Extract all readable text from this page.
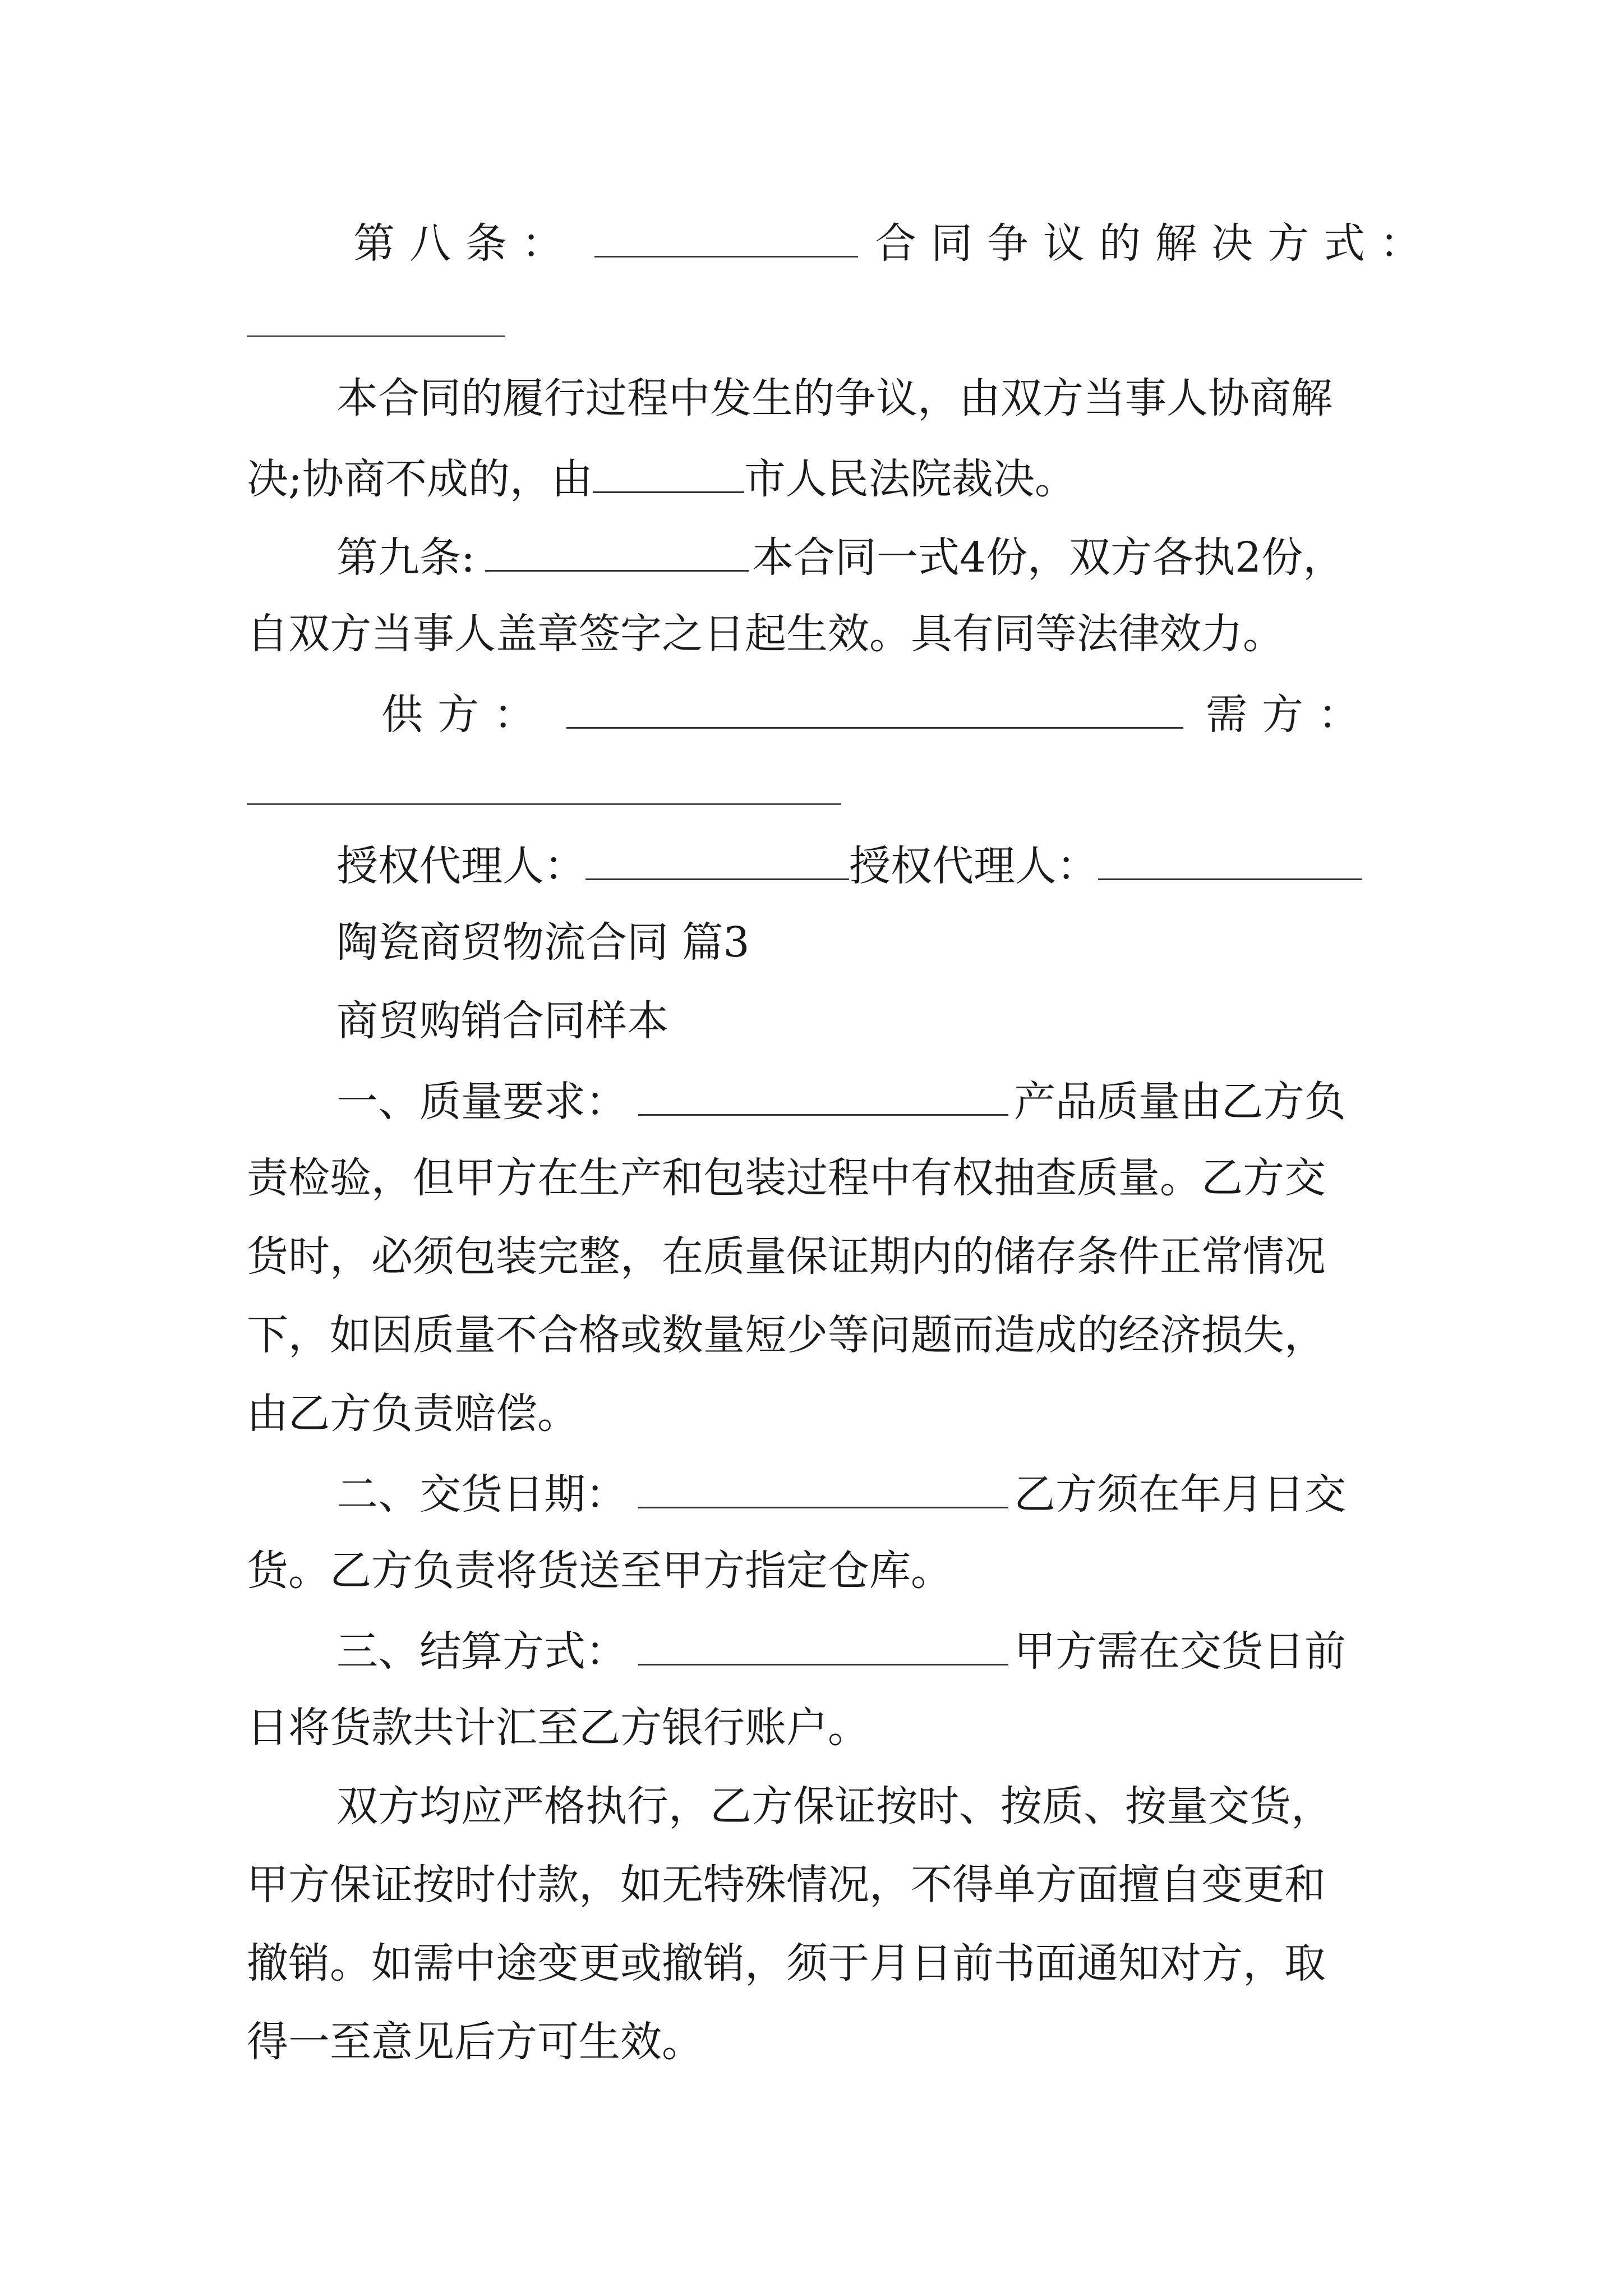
第八条：	合同争议的解决方式：
本合同的履行过程中发生的争议，由双方当事人协商解
决;协商不成的，由	市人民法院裁决。
第九条:	本合同一式4份，双方各执2份，
自双方当事人盖章签字之日起生效。具有同等法律效力。
供方：	需方：
授权代理人：	授权代理人：
陶瓷商贸物流合同 篇3
商贸购销合同样本
一、质量要求：	产品质量由乙方负
责检验，但甲方在生产和包装过程中有权抽查质量。乙方交
货时，必须包装完整，在质量保证期内的储存条件正常情况
下，如因质量不合格或数量短少等问题而造成的经济损失，
由乙方负责赔偿。
二、交货日期：	乙方须在年月日交
货。乙方负责将货送至甲方指定仓库。
三、结算方式：	甲方需在交货日前
日将货款共计汇至乙方银行账户。
双方均应严格执行，乙方保证按时、按质、按量交货，
甲方保证按时付款，如无特殊情况，不得单方面擅自变更和
撤销。如需中途变更或撤销，须于月日前书面通知对方，取
得一至意见后方可生效。
